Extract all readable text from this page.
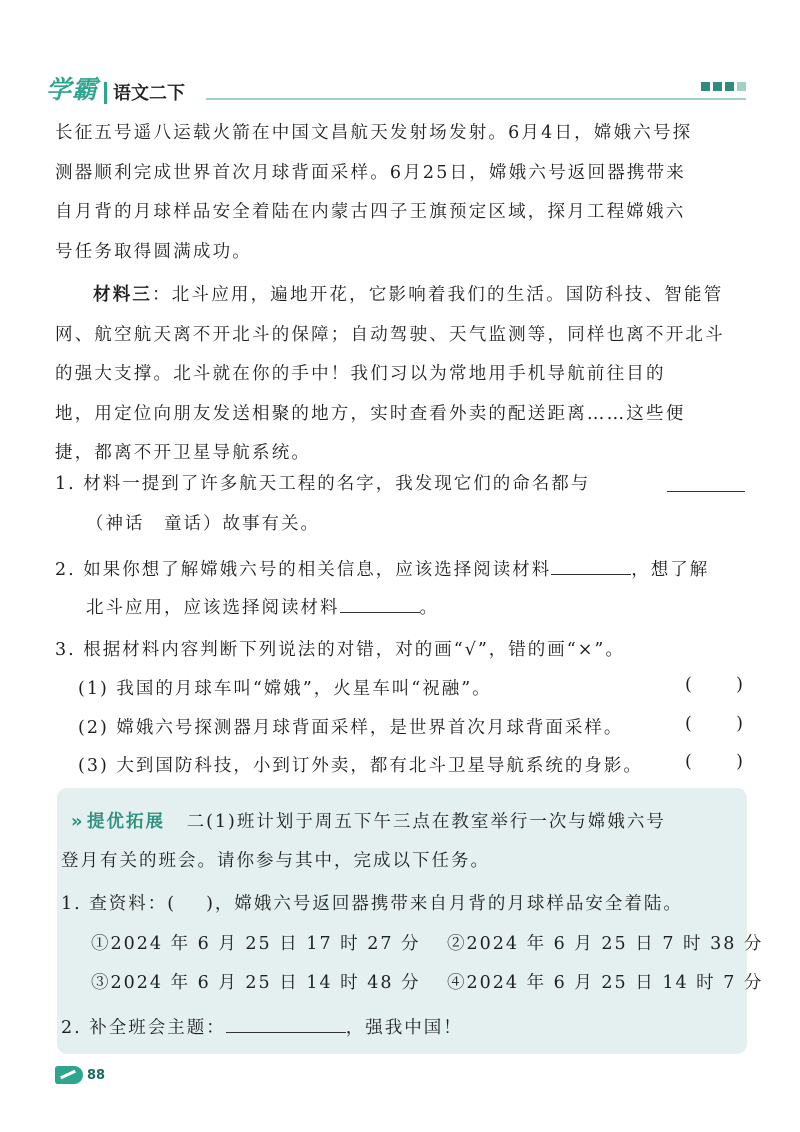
学霸 语文二下
长征五号遥八运载火箭在中国文昌航天发射场发射。6月4日，嫦娥六号探
测器顺利完成世界首次月球背面采样。6月25日，嫦娥六号返回器携带来
自月背的月球样品安全着陆在内蒙古四子王旗预定区域，探月工程嫦娥六
号任务取得圆满成功。
材料三：北斗应用，遍地开花，它影响着我们的生活。国防科技、智能管
网、航空航天离不开北斗的保障；自动驾驶、天气监测等，同样也离不开北斗
的强大支撑。北斗就在你的手中！我们习以为常地用手机导航前往目的
地，用定位向朋友发送相聚的地方，实时查看外卖的配送距离……这些便
捷，都离不开卫星导航系统。
1. 材料一提到了许多航天工程的名字，我发现它们的命名都与
（神话　童话）故事有关。
2. 如果你想了解嫦娥六号的相关信息，应该选择阅读材料	，想了解
北斗应用，应该选择阅读材料	。
3. 根据材料内容判断下列说法的对错，对的画“√”，错的画“×”。
(1) 我国的月球车叫“嫦娥”，火星车叫“祝融”。	( )
(2) 嫦娥六号探测器月球背面采样，是世界首次月球背面采样。	( )
(3) 大到国防科技，小到订外卖，都有北斗卫星导航系统的身影。 ( )
›› 提优拓展 二(1)班计划于周五下午三点在教室举行一次与嫦娥六号
登月有关的班会。请你参与其中，完成以下任务。
1. 查资料：( )，嫦娥六号返回器携带来自月背的月球样品安全着陆。
①2024 年 6 月 25 日 17 时 27 分 ②2024 年 6 月 25 日 7 时 38 分
③2024 年 6 月 25 日 14 时 48 分 ④2024 年 6 月 25 日 14 时 7 分
2. 补全班会主题：	，强我中国！
88
